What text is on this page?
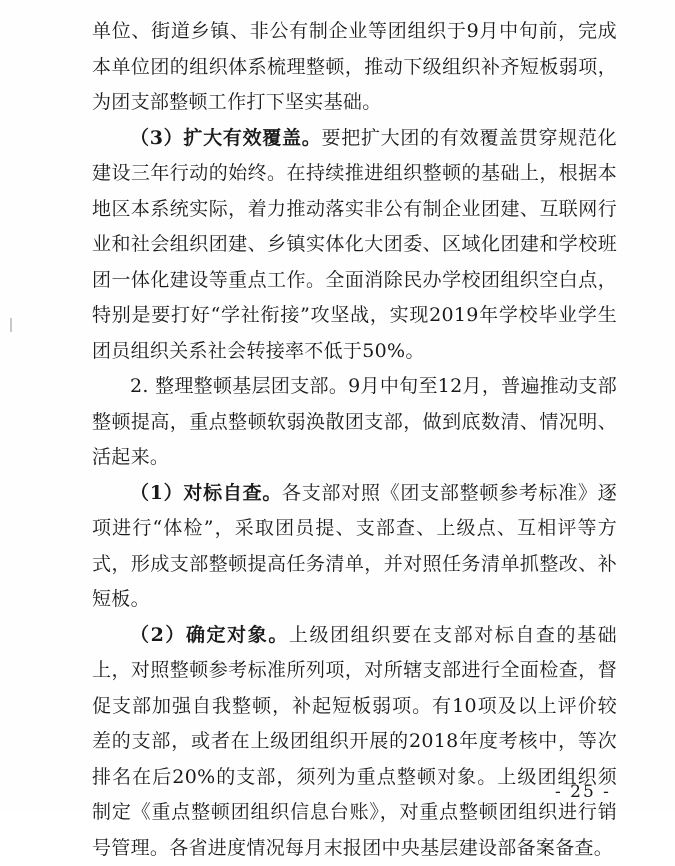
单位、街道乡镇、非公有制企业等团组织于9月中旬前，完成本单位团的组织体系梳理整顿，推动下级组织补齐短板弱项，为团支部整顿工作打下坚实基础。

（3）扩大有效覆盖。要把扩大团的有效覆盖贯穿规范化建设三年行动的始终。在持续推进组织整顿的基础上，根据本地区本系统实际，着力推动落实非公有制企业团建、互联网行业和社会组织团建、乡镇实体化大团委、区域化团建和学校班团一体化建设等重点工作。全面消除民办学校团组织空白点，特别是要打好“学社衔接”攻坚战，实现2019年学校毕业学生团员组织关系社会转接率不低于50%。

2. 整理整顿基层团支部。9月中旬至12月，普遍推动支部整顿提高，重点整顿软弱涣散团支部，做到底数清、情况明、活起来。

（1）对标自查。各支部对照《团支部整顿参考标准》逐项进行“体检”，采取团员提、支部查、上级点、互相评等方式，形成支部整顿提高任务清单，并对照任务清单抓整改、补短板。

（2）确定对象。上级团组织要在支部对标自查的基础上，对照整顿参考标准所列项，对所辖支部进行全面检查，督促支部加强自我整顿，补起短板弱项。有10项及以上评价较差的支部，或者在上级团组织开展的2018年度考核中，等次排名在后20%的支部，须列为重点整顿对象。上级团组织须制定《重点整顿团组织信息台账》，对重点整顿团组织进行销号管理。各省进度情况每月末报团中央基层建设部备案备查。

- 25 -
